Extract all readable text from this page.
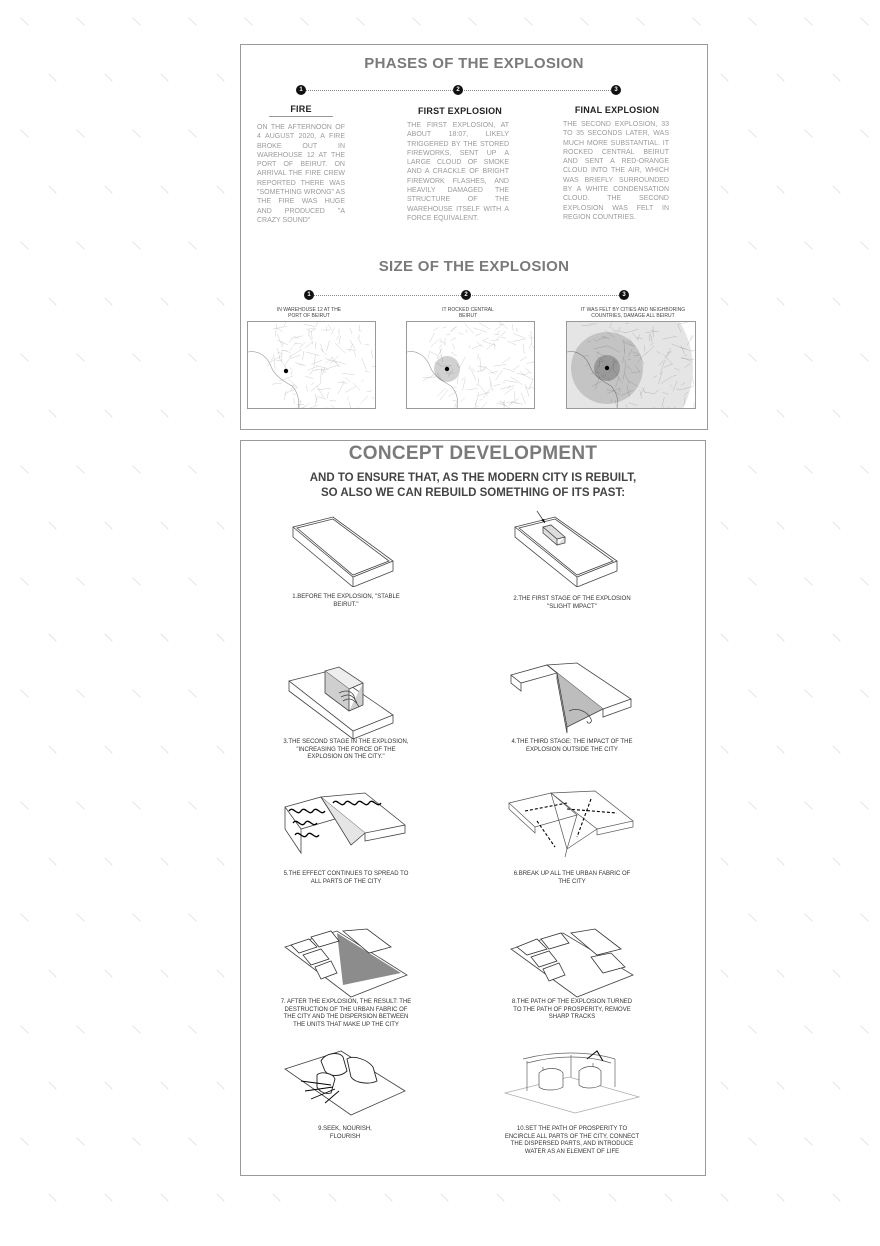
PHASES OF THE EXPLOSION
1	2	3
FIRE	FIRST EXPLOSION	FINAL EXPLOSION
ON THE AFTERNOON OF 4 AUGUST 2020, A FIRE BROKE OUT IN WAREHOUSE 12 AT THE PORT OF BEIRUT. ON ARRIVAL THE FIRE CREW REPORTED THERE WAS "SOMETHING WRONG" AS THE FIRE WAS HUGE AND PRODUCED "A CRAZY SOUND"
THE FIRST EXPLOSION, AT ABOUT 18:07, LIKELY TRIGGERED BY THE STORED FIREWORKS, SENT UP A LARGE CLOUD OF SMOKE AND A CRACKLE OF BRIGHT FIREWORK FLASHES, AND HEAVILY DAMAGED THE STRUCTURE OF THE WAREHOUSE ITSELF WITH A FORCE EQUIVALENT.
THE SECOND EXPLOSION, 33 TO 35 SECONDS LATER, WAS MUCH MORE SUBSTANTIAL. IT ROCKED CENTRAL BEIRUT AND SENT A RED-ORANGE CLOUD INTO THE AIR, WHICH WAS BRIEFLY SURROUNDED BY A WHITE CONDENSATION CLOUD. THE SECOND EXPLOSION WAS FELT IN REGION COUNTRIES.
SIZE OF THE EXPLOSION
1	2	3
IN WAREHOUSE 12 AT THE PORT OF BEIRUT
IT ROCKED CENTRAL BEIRUT
IT WAS FELT BY CITIES AND NEIGHBORING COUNTRIES, DAMAGE ALL BEIRUT
CONCEPT DEVELOPMENT
AND TO ENSURE THAT, AS THE MODERN CITY IS REBUILT,
SO ALSO WE CAN REBUILD SOMETHING OF ITS PAST:
1.BEFORE THE EXPLOSION, "STABLE BEIRUT."
2.THE FIRST STAGE OF THE EXPLOSION "SLIGHT IMPACT"
3.THE SECOND STAGE IN THE EXPLOSION, "INCREASING THE FORCE OF THE EXPLOSION ON THE CITY."
4.THE THIRD STAGE: THE IMPACT OF THE EXPLOSION OUTSIDE THE CITY
5.THE EFFECT CONTINUES TO SPREAD TO ALL PARTS OF THE CITY
6.BREAK UP ALL THE URBAN FABRIC OF THE CITY
7. AFTER THE EXPLOSION, THE RESULT: THE DESTRUCTION OF THE URBAN FABRIC OF THE CITY AND THE DISPERSION BETWEEN THE UNITS THAT MAKE UP THE CITY
8.THE PATH OF THE EXPLOSION TURNED TO THE PATH OF PROSPERITY, REMOVE SHARP TRACKS
9.SEEK, NOURISH, FLOURISH
10.SET THE PATH OF PROSPERITY TO ENCIRCLE ALL PARTS OF THE CITY, CONNECT THE DISPERSED PARTS, AND INTRODUCE WATER AS AN ELEMENT OF LIFE
